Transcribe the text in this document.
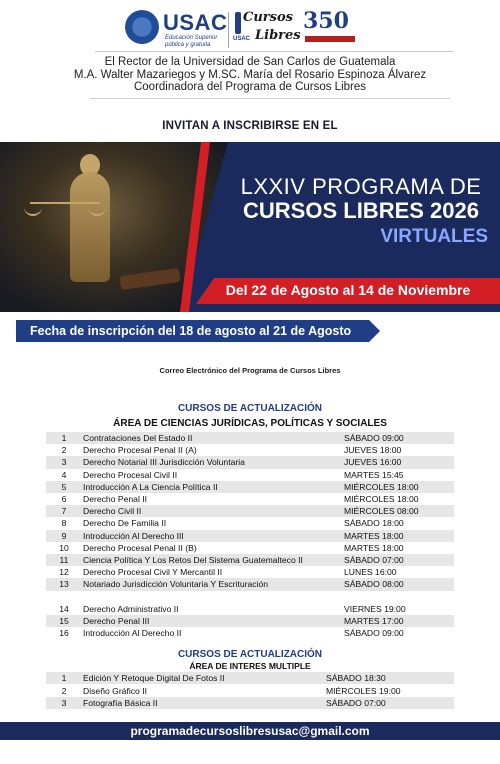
USAC
Educación Superior pública y gratuita
Cursos
USAC Libres
350
El Rector de la Universidad de San Carlos de Guatemala
M.A. Walter Mazariegos y M.SC. María del Rosario Espinoza Álvarez
Coordinadora del Programa de Cursos Libres
INVITAN A INSCRIBIRSE EN EL
LXXIV PROGRAMA DE
CURSOS LIBRES 2026
VIRTUALES
Del 22 de Agosto al 14 de Noviembre
Fecha de inscripción del 18 de agosto al 21 de Agosto
Correo Electrónico del Programa de Cursos Libres
CURSOS DE ACTUALIZACIÓN
ÁREA DE CIENCIAS JURÍDICAS, POLÍTICAS Y SOCIALES
1	Contrataciones Del Estado II	SÁBADO 09:00
2	Derecho Procesal Penal II (A)	JUEVES 18:00
3	Derecho Notarial III Jurisdicción Voluntaria	JUEVES 16:00
4	Derecho Procesal Civil II	MARTES 15:45
5	Introducción A La Ciencia Política II	MIÉRCOLES 18:00
6	Derecho Penal II	MIÉRCOLES 18:00
7	Derecho Civil II	MIÉRCOLES 08:00
8	Derecho De Familia II	SÁBADO 18:00
9	Introducción Al Derecho III	MARTES 18:00
10	Derecho Procesal Penal II (B)	MARTES 18:00
11	Ciencia Política Y Los Retos Del Sistema Guatemalteco II	SÁBADO 07:00
12	Derecho Procesal Civil Y Mercantil II	LUNES 16:00
13	Notariado Jurisdicción Voluntaria Y Escrituración	SÁBADO 08:00
14	Derecho Administrativo II	VIERNES 19:00
15	Derecho Penal III	MARTES 17:00
16	Introducción Al Derecho II	SÁBADO 09:00
CURSOS DE ACTUALIZACIÓN
ÁREA DE INTERES MULTIPLE
1	Edición Y Retoque Digital De Fotos II	SÁBADO 18:30
2	Diseño Gráfico II	MIÉRCOLES 19:00
3	Fotografía Básica II	SÁBADO 07:00
programadecursoslibresusac@gmail.com
